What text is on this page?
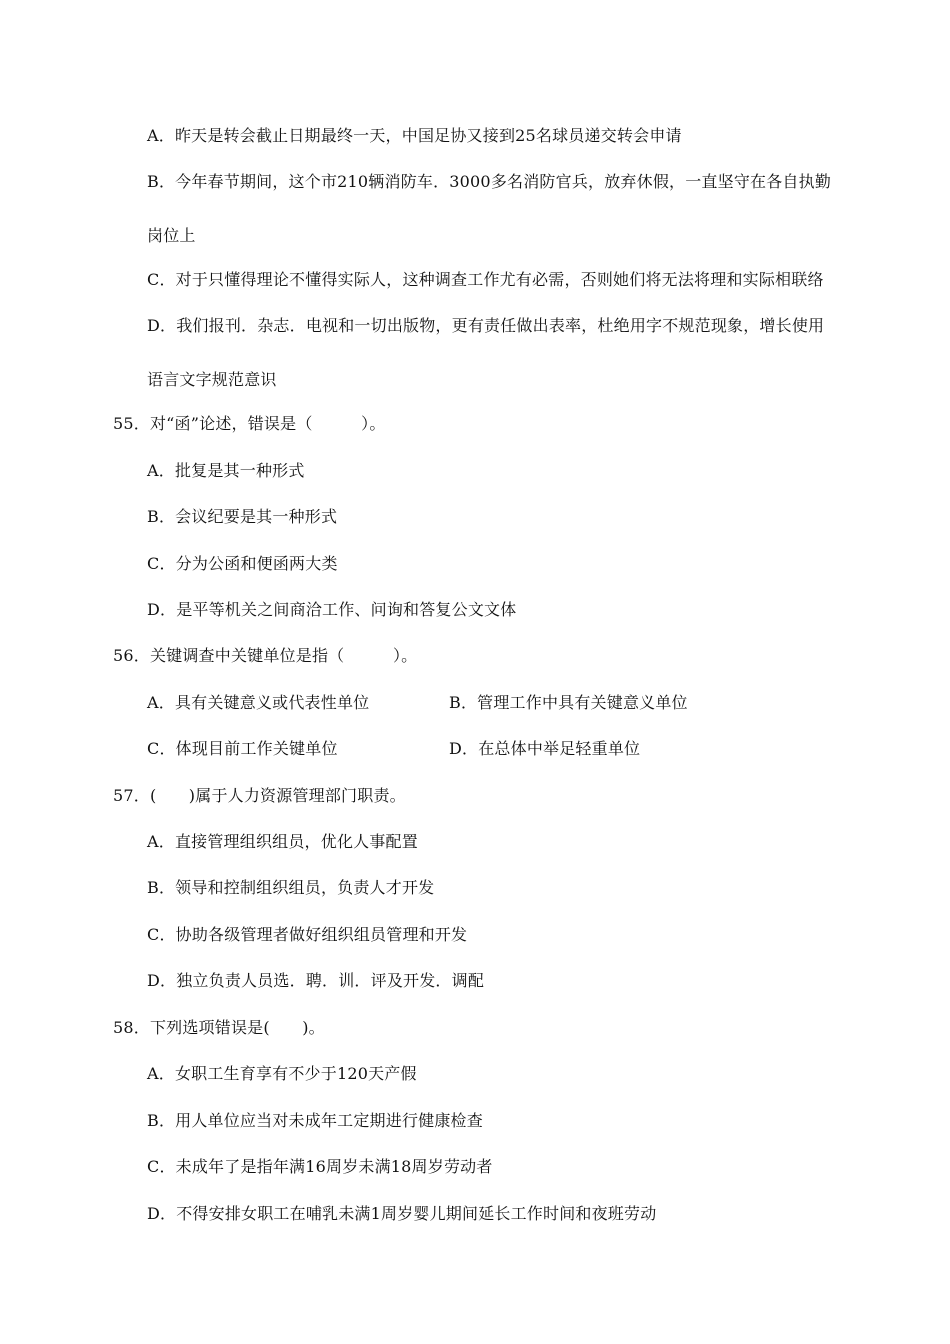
A．昨天是转会截止日期最终一天，中国足协又接到25名球员递交转会申请
B．今年春节期间，这个市210辆消防车．3000多名消防官兵，放弃休假，一直坚守在各自执勤
岗位上
C．对于只懂得理论不懂得实际人，这种调查工作尤有必需，否则她们将无法将理和实际相联络
D．我们报刊．杂志．电视和一切出版物，更有责任做出表率，杜绝用字不规范现象，增长使用
语言文字规范意识
55．对“函”论述，错误是（　　　）。
A．批复是其一种形式
B．会议纪要是其一种形式
C．分为公函和便函两大类
D．是平等机关之间商洽工作、问询和答复公文文体
56．关键调查中关键单位是指（　　　）。
A．具有关键意义或代表性单位	B．管理工作中具有关键意义单位
C．体现目前工作关键单位	D．在总体中举足轻重单位
57．(　　)属于人力资源管理部门职责。
A．直接管理组织组员，优化人事配置
B．领导和控制组织组员，负责人才开发
C．协助各级管理者做好组织组员管理和开发
D．独立负责人员选．聘．训．评及开发．调配
58．下列选项错误是(　　)。
A．女职工生育享有不少于120天产假
B．用人单位应当对未成年工定期进行健康检查
C．未成年了是指年满16周岁未满18周岁劳动者
D．不得安排女职工在哺乳未满1周岁婴儿期间延长工作时间和夜班劳动
